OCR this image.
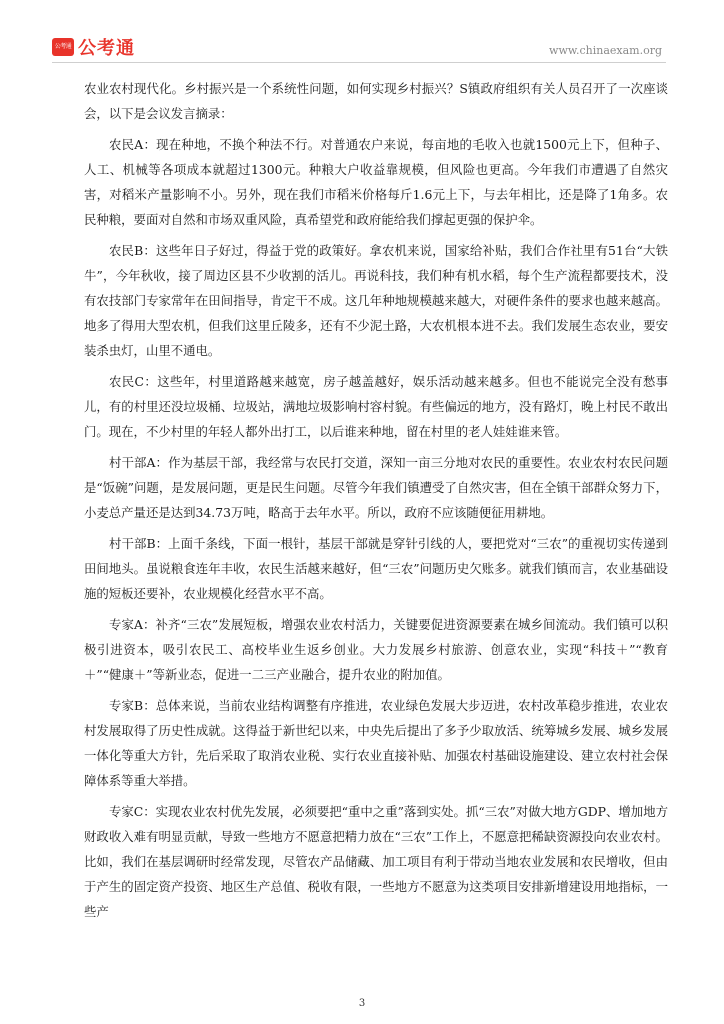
公考通 公考通	www.chinaexam.org

农业农村现代化。乡村振兴是一个系统性问题，如何实现乡村振兴？S镇政府组织有关人员召开了一次座谈会，以下是会议发言摘录：

农民A：现在种地，不换个种法不行。对普通农户来说，每亩地的毛收入也就1500元上下，但种子、人工、机械等各项成本就超过1300元。种粮大户收益靠规模，但风险也更高。今年我们市遭遇了自然灾害，对稻米产量影响不小。另外，现在我们市稻米价格每斤1.6元上下，与去年相比，还是降了1角多。农民种粮，要面对自然和市场双重风险，真希望党和政府能给我们撑起更强的保护伞。

农民B：这些年日子好过，得益于党的政策好。拿农机来说，国家给补贴，我们合作社里有51台“大铁牛”，今年秋收，接了周边区县不少收割的活儿。再说科技，我们种有机水稻，每个生产流程都要技术，没有农技部门专家常年在田间指导，肯定干不成。这几年种地规模越来越大，对硬件条件的要求也越来越高。地多了得用大型农机，但我们这里丘陵多，还有不少泥土路，大农机根本进不去。我们发展生态农业，要安装杀虫灯，山里不通电。

农民C：这些年，村里道路越来越宽，房子越盖越好，娱乐活动越来越多。但也不能说完全没有愁事儿，有的村里还没垃圾桶、垃圾站，满地垃圾影响村容村貌。有些偏远的地方，没有路灯，晚上村民不敢出门。现在，不少村里的年轻人都外出打工，以后谁来种地，留在村里的老人娃娃谁来管。

村干部A：作为基层干部，我经常与农民打交道，深知一亩三分地对农民的重要性。农业农村农民问题是“饭碗”问题，是发展问题，更是民生问题。尽管今年我们镇遭受了自然灾害，但在全镇干部群众努力下，小麦总产量还是达到34.73万吨，略高于去年水平。所以，政府不应该随便征用耕地。

村干部B：上面千条线，下面一根针，基层干部就是穿针引线的人，要把党对“三农”的重视切实传递到田间地头。虽说粮食连年丰收，农民生活越来越好，但“三农”问题历史欠账多。就我们镇而言，农业基础设施的短板还要补，农业规模化经营水平不高。

专家A：补齐“三农”发展短板，增强农业农村活力，关键要促进资源要素在城乡间流动。我们镇可以积极引进资本，吸引农民工、高校毕业生返乡创业。大力发展乡村旅游、创意农业，实现“科技＋”“教育＋”“健康＋”等新业态，促进一二三产业融合，提升农业的附加值。

专家B：总体来说，当前农业结构调整有序推进，农业绿色发展大步迈进，农村改革稳步推进，农业农村发展取得了历史性成就。这得益于新世纪以来，中央先后提出了多予少取放活、统筹城乡发展、城乡发展一体化等重大方针，先后采取了取消农业税、实行农业直接补贴、加强农村基础设施建设、建立农村社会保障体系等重大举措。

专家C：实现农业农村优先发展，必须要把“重中之重”落到实处。抓“三农”对做大地方GDP、增加地方财政收入难有明显贡献，导致一些地方不愿意把精力放在“三农”工作上，不愿意把稀缺资源投向农业农村。比如，我们在基层调研时经常发现，尽管农产品储藏、加工项目有利于带动当地农业发展和农民增收，但由于产生的固定资产投资、地区生产总值、税收有限，一些地方不愿意为这类项目安排新增建设用地指标，一些产

3
